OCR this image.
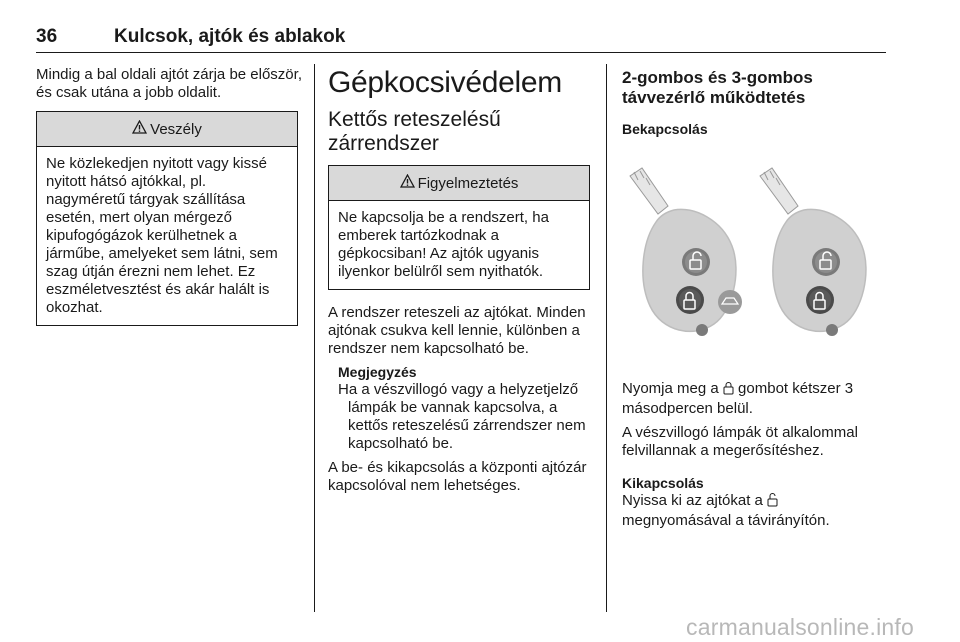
36	Kulcsok, ajtók és ablakok

Mindig a bal oldali ajtót zárja be először, és csak utána a jobb oldalit.

Veszély
Ne közlekedjen nyitott vagy kissé nyitott hátsó ajtókkal, pl. nagyméretű tárgyak szállítása esetén, mert olyan mérgező kipufogógázok kerülhetnek a járműbe, amelyeket sem látni, sem szag útján érezni nem lehet. Ez eszméletvesztést és akár halált is okozhat.
Gépkocsivédelem
Kettős reteszelésű
zárrendszer
Figyelmeztetés
Ne kapcsolja be a rendszert, ha emberek tartózkodnak a gépkocsiban! Az ajtók ugyanis ilyenkor belülről sem nyithatók.

A rendszer reteszeli az ajtókat. Minden ajtónak csukva kell lennie, különben a rendszer nem kapcsolható be.

Megjegyzés
Ha a vészvillogó vagy a helyzetjelző lámpák be vannak kapcsolva, a kettős reteszelésű zárrendszer nem kapcsolható be.

A be- és kikapcsolás a központi ajtózár kapcsolóval nem lehetséges.

2-gombos és 3-gombos
távvezérlő működtetés
Bekapcsolás

Nyomja meg a gombot kétszer 3 másodpercen belül.

A vészvillogó lámpák öt alkalommal felvillannak a megerősítéshez.

Kikapcsolás

Nyissa ki az ajtókat a
megnyomásával a távirányítón.

carmanualsonline.info
